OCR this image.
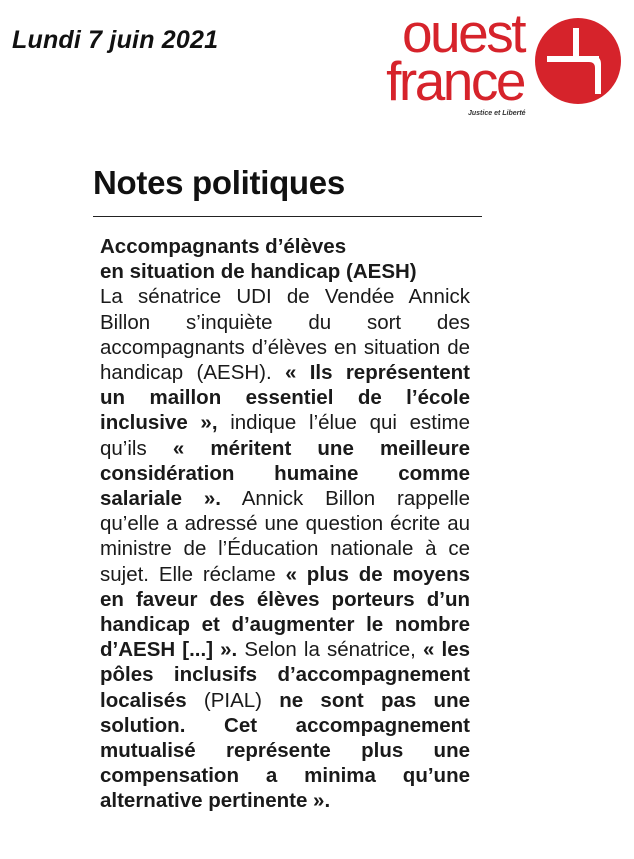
Lundi 7 juin 2021	ouest
france
Justice et Liberté
Notes politiques
Accompagnants d’élèves
en situation de handicap (AESH)
La sénatrice UDI de Vendée Annick Billon s’inquiète du sort des accompagnants d’élèves en situation de handicap (AESH). « Ils représentent un maillon essentiel de l’école inclusive », indique l’élue qui estime qu’ils « méritent une meilleure considération humaine comme salariale ». Annick Billon rappelle qu’elle a adressé une question écrite au ministre de l’Éducation nationale à ce sujet. Elle réclame « plus de moyens en faveur des élèves porteurs d’un handicap et d’augmenter le nombre d’AESH [...] ». Selon la sénatrice, « les pôles inclusifs d’accompagnement localisés (PIAL) ne sont pas une solution. Cet accompagnement mutualisé représente plus une compensation a minima qu’une alternative pertinente ».
